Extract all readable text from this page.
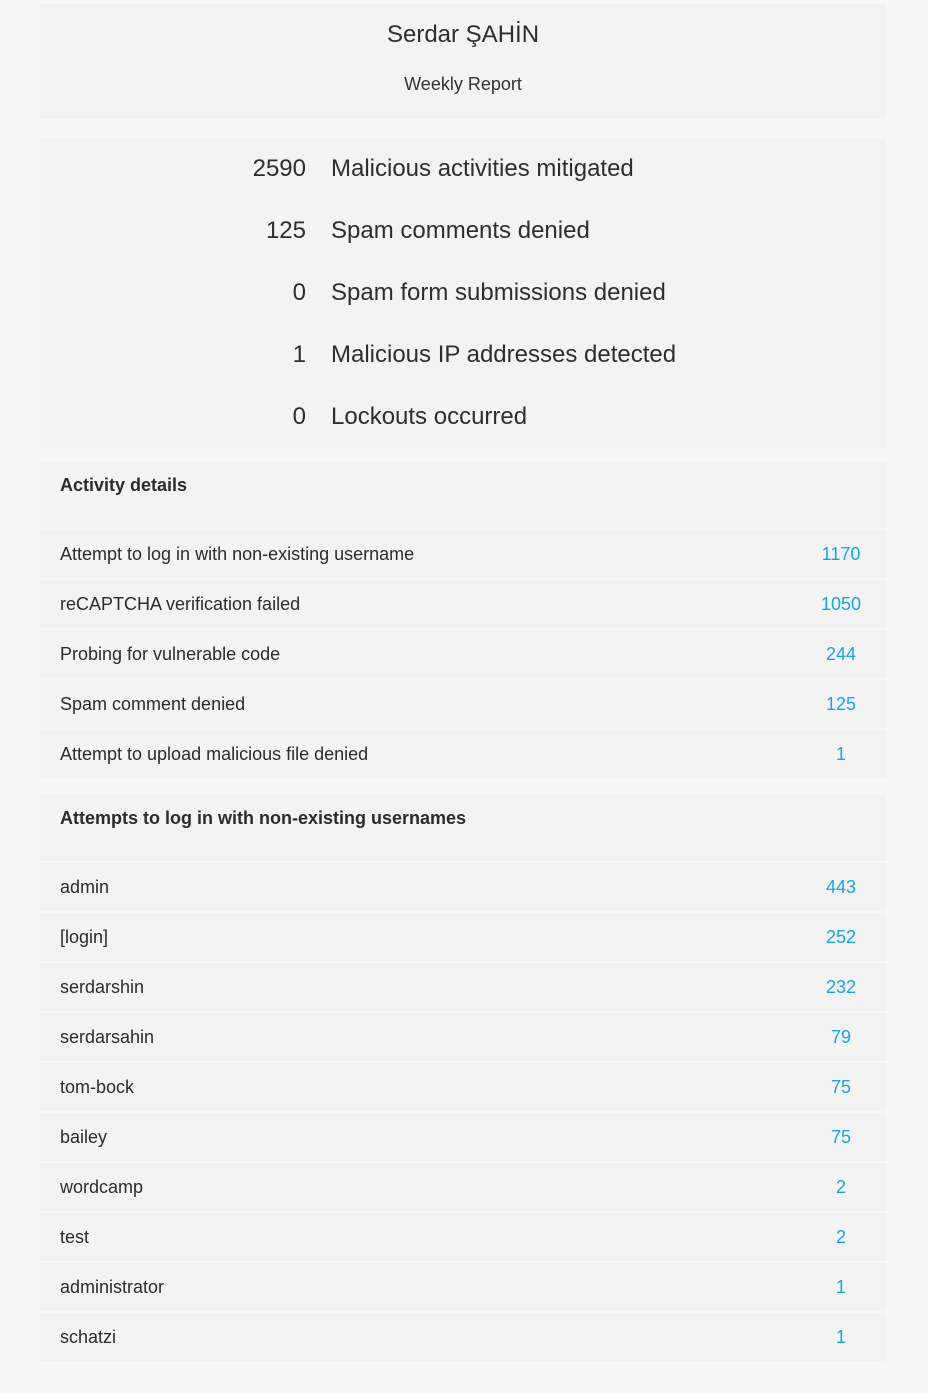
Serdar ŞAHİN
Weekly Report
2590 Malicious activities mitigated
125 Spam comments denied
0 Spam form submissions denied
1 Malicious IP addresses detected
0 Lockouts occurred
Activity details
Attempt to log in with non-existing username	1170
reCAPTCHA verification failed	1050
Probing for vulnerable code	244
Spam comment denied	125
Attempt to upload malicious file denied	1
Attempts to log in with non-existing usernames
admin	443
[login]	252
serdarshin	232
serdarsahin	79
tom-bock	75
bailey	75
wordcamp	2
test	2
administrator	1
schatzi	1
